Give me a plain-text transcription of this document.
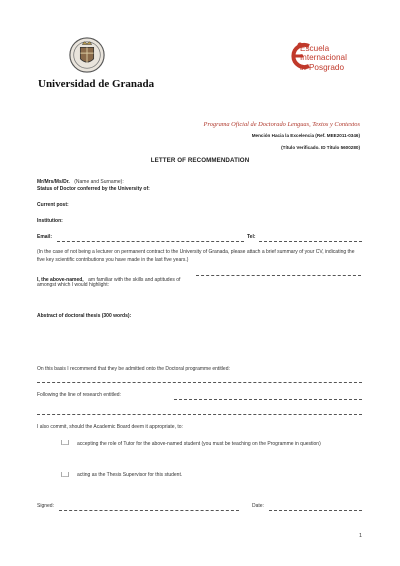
Universidad de Granada
Escuela
Internacional
de Posgrado
Programa Oficial de Doctorado Lenguas, Textos y Contextos
Mención Hacia la Excelencia (Ref. MEE2011-0346)
(Título Verificado. ID Título 5600280)
LETTER OF RECOMMENDATION
Mr/Mrs/Ms/Dr. (Name and Surname):
Status of Doctor conferred by the University of:
Current post:
Institution:
Email:	Tel:
(In the case of not being a lecturer on permanent contract to the University of Granada, please attach a brief summary of your CV, indicating the five key scientific contributions you have made in the last five years.)
I, the above-named, am familiar with the skills and aptitudes of
amongst which I would highlight:
Abstract of doctoral thesis (300 words):
On this basis I recommend that they be admitted onto the Doctoral programme entitled:
Following the line of research entitled:
I also commit, should the Academic Board deem it appropriate, to:
|__| accepting the role of Tutor for the above-named student (you must be teaching on the Programme in question)
|__| acting as the Thesis Supervisor for this student.
Signed:	Date:
1
